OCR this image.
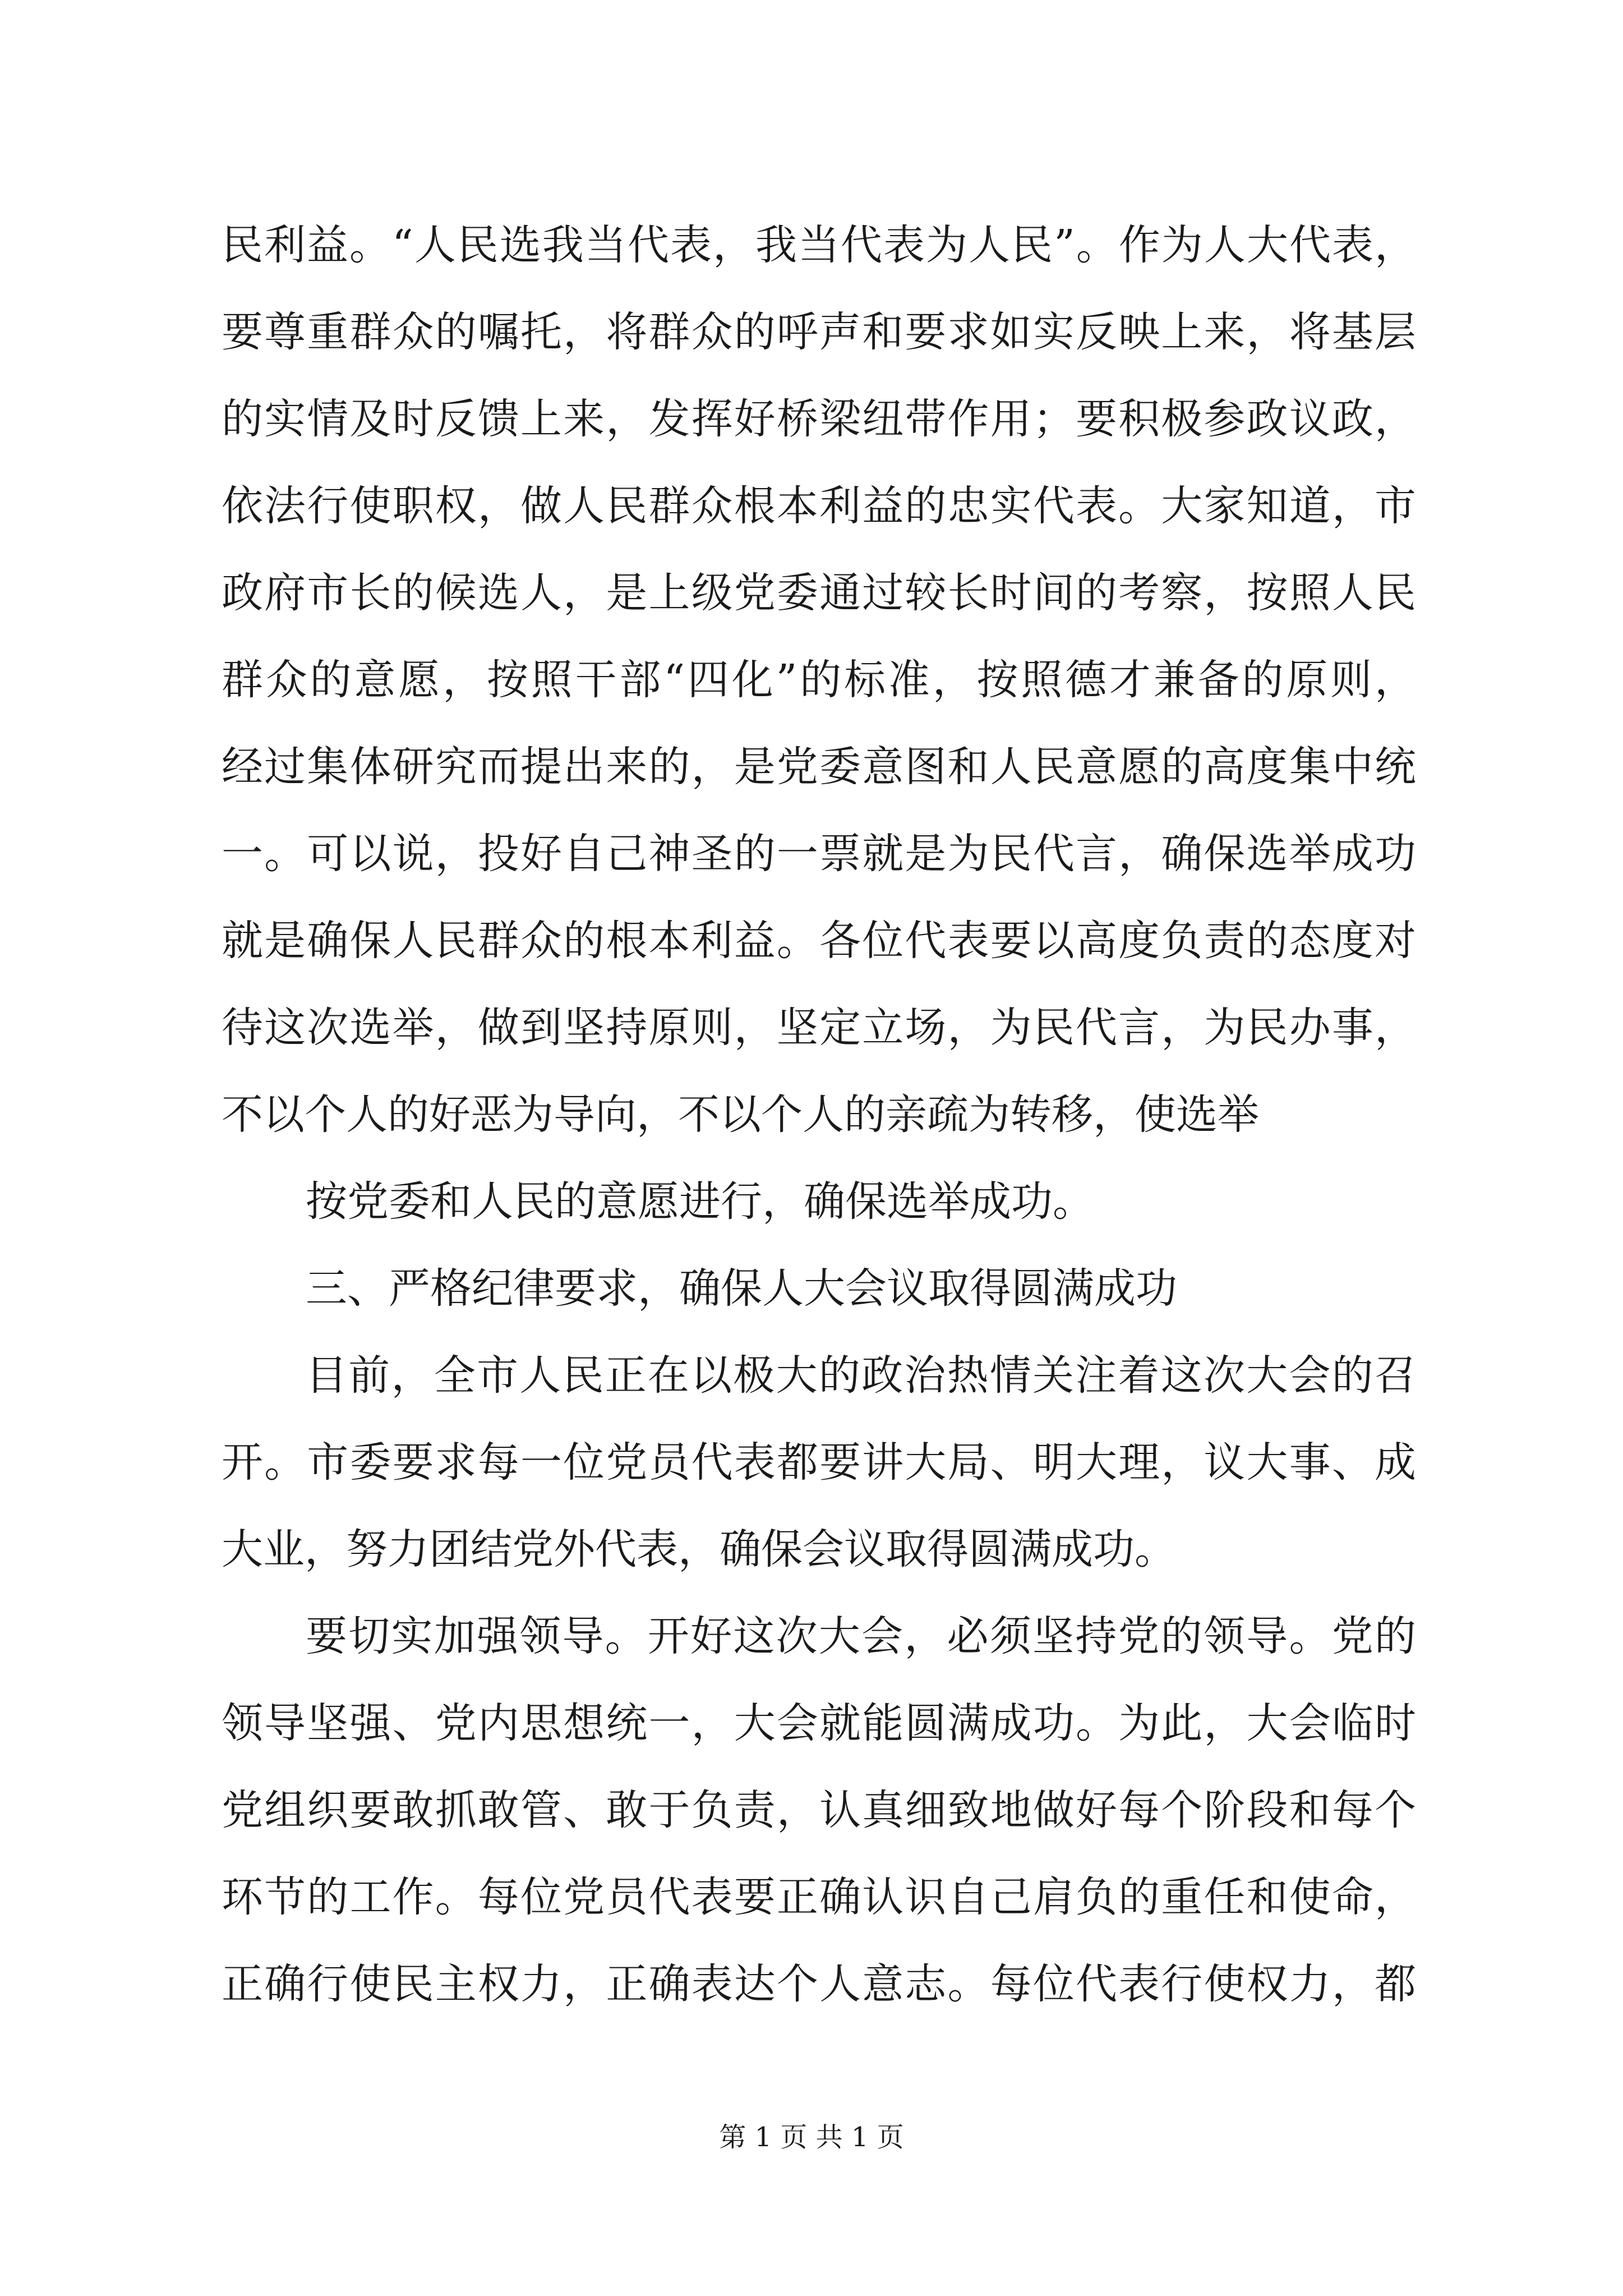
民利益。“人民选我当代表，我当代表为人民”。作为人大代表，
要尊重群众的嘱托，将群众的呼声和要求如实反映上来，将基层
的实情及时反馈上来，发挥好桥梁纽带作用；要积极参政议政，
依法行使职权，做人民群众根本利益的忠实代表。大家知道，市
政府市长的候选人，是上级党委通过较长时间的考察，按照人民
群众的意愿，按照干部“四化”的标准，按照德才兼备的原则，
经过集体研究而提出来的，是党委意图和人民意愿的高度集中统
一。可以说，投好自己神圣的一票就是为民代言，确保选举成功
就是确保人民群众的根本利益。各位代表要以高度负责的态度对
待这次选举，做到坚持原则，坚定立场，为民代言，为民办事，
不以个人的好恶为导向，不以个人的亲疏为转移，使选举
按党委和人民的意愿进行，确保选举成功。
三、严格纪律要求，确保人大会议取得圆满成功
目前，全市人民正在以极大的政治热情关注着这次大会的召
开。市委要求每一位党员代表都要讲大局、明大理，议大事、成
大业，努力团结党外代表，确保会议取得圆满成功。
要切实加强领导。开好这次大会，必须坚持党的领导。党的
领导坚强、党内思想统一，大会就能圆满成功。为此，大会临时
党组织要敢抓敢管、敢于负责，认真细致地做好每个阶段和每个
环节的工作。每位党员代表要正确认识自己肩负的重任和使命，
正确行使民主权力，正确表达个人意志。每位代表行使权力，都
第 1 页 共 1 页
